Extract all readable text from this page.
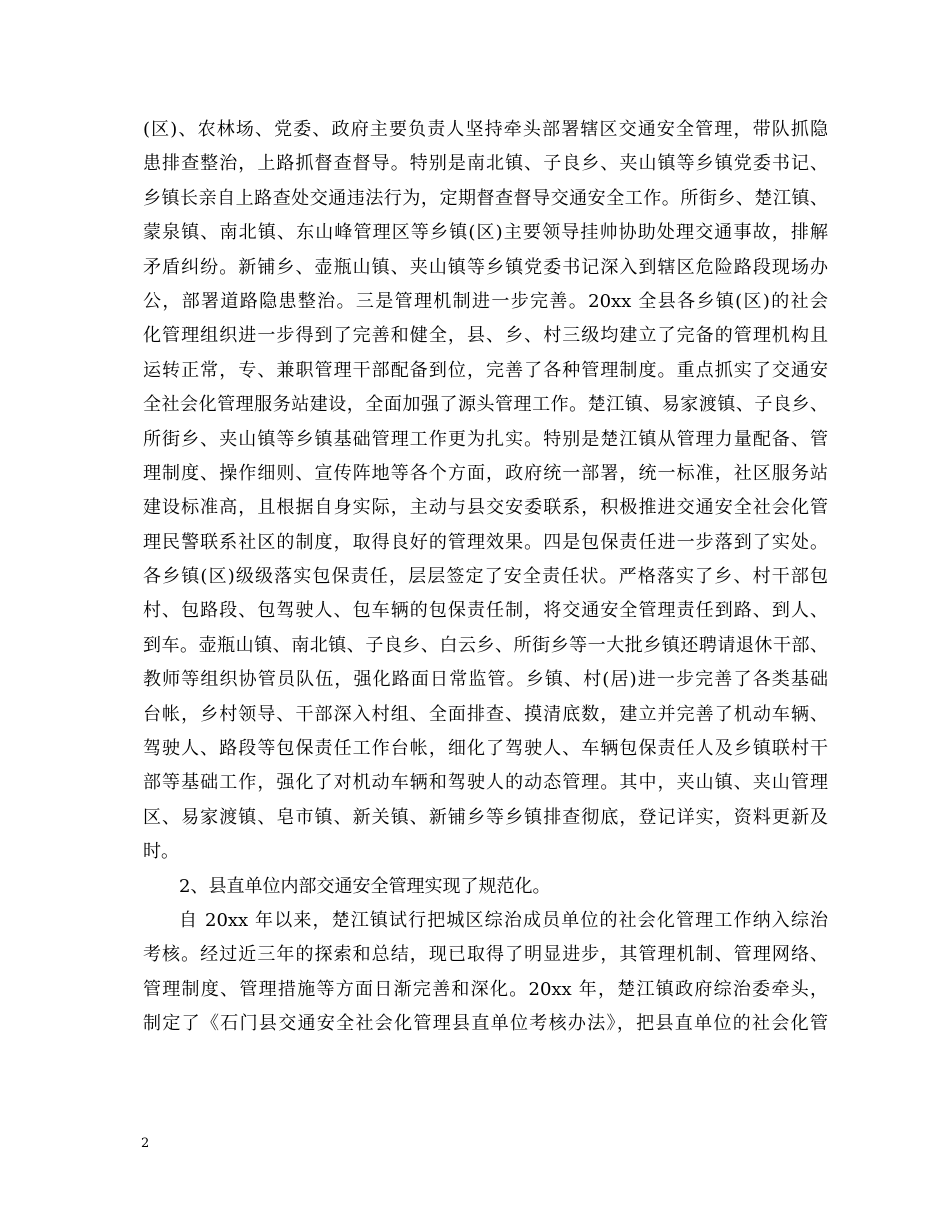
(区)、农林场、党委、政府主要负责人坚持牵头部署辖区交通安全管理，带队抓隐
患排查整治，上路抓督查督导。特别是南北镇、子良乡、夹山镇等乡镇党委书记、
乡镇长亲自上路查处交通违法行为，定期督查督导交通安全工作。所街乡、楚江镇、
蒙泉镇、南北镇、东山峰管理区等乡镇(区)主要领导挂帅协助处理交通事故，排解
矛盾纠纷。新铺乡、壶瓶山镇、夹山镇等乡镇党委书记深入到辖区危险路段现场办
公，部署道路隐患整治。三是管理机制进一步完善。20xx 全县各乡镇(区)的社会
化管理组织进一步得到了完善和健全，县、乡、村三级均建立了完备的管理机构且
运转正常，专、兼职管理干部配备到位，完善了各种管理制度。重点抓实了交通安
全社会化管理服务站建设，全面加强了源头管理工作。楚江镇、易家渡镇、子良乡、
所街乡、夹山镇等乡镇基础管理工作更为扎实。特别是楚江镇从管理力量配备、管
理制度、操作细则、宣传阵地等各个方面，政府统一部署，统一标准，社区服务站
建设标准高，且根据自身实际，主动与县交安委联系，积极推进交通安全社会化管
理民警联系社区的制度，取得良好的管理效果。四是包保责任进一步落到了实处。
各乡镇(区)级级落实包保责任，层层签定了安全责任状。严格落实了乡、村干部包
村、包路段、包驾驶人、包车辆的包保责任制，将交通安全管理责任到路、到人、
到车。壶瓶山镇、南北镇、子良乡、白云乡、所街乡等一大批乡镇还聘请退休干部、
教师等组织协管员队伍，强化路面日常监管。乡镇、村(居)进一步完善了各类基础
台帐，乡村领导、干部深入村组、全面排查、摸清底数，建立并完善了机动车辆、
驾驶人、路段等包保责任工作台帐，细化了驾驶人、车辆包保责任人及乡镇联村干
部等基础工作，强化了对机动车辆和驾驶人的动态管理。其中，夹山镇、夹山管理
区、易家渡镇、皂市镇、新关镇、新铺乡等乡镇排查彻底，登记详实，资料更新及
时。
2、县直单位内部交通安全管理实现了规范化。
自 20xx 年以来，楚江镇试行把城区综治成员单位的社会化管理工作纳入综治
考核。经过近三年的探索和总结，现已取得了明显进步，其管理机制、管理网络、
管理制度、管理措施等方面日渐完善和深化。20xx 年，楚江镇政府综治委牵头，
制定了《石门县交通安全社会化管理县直单位考核办法》，把县直单位的社会化管
2
